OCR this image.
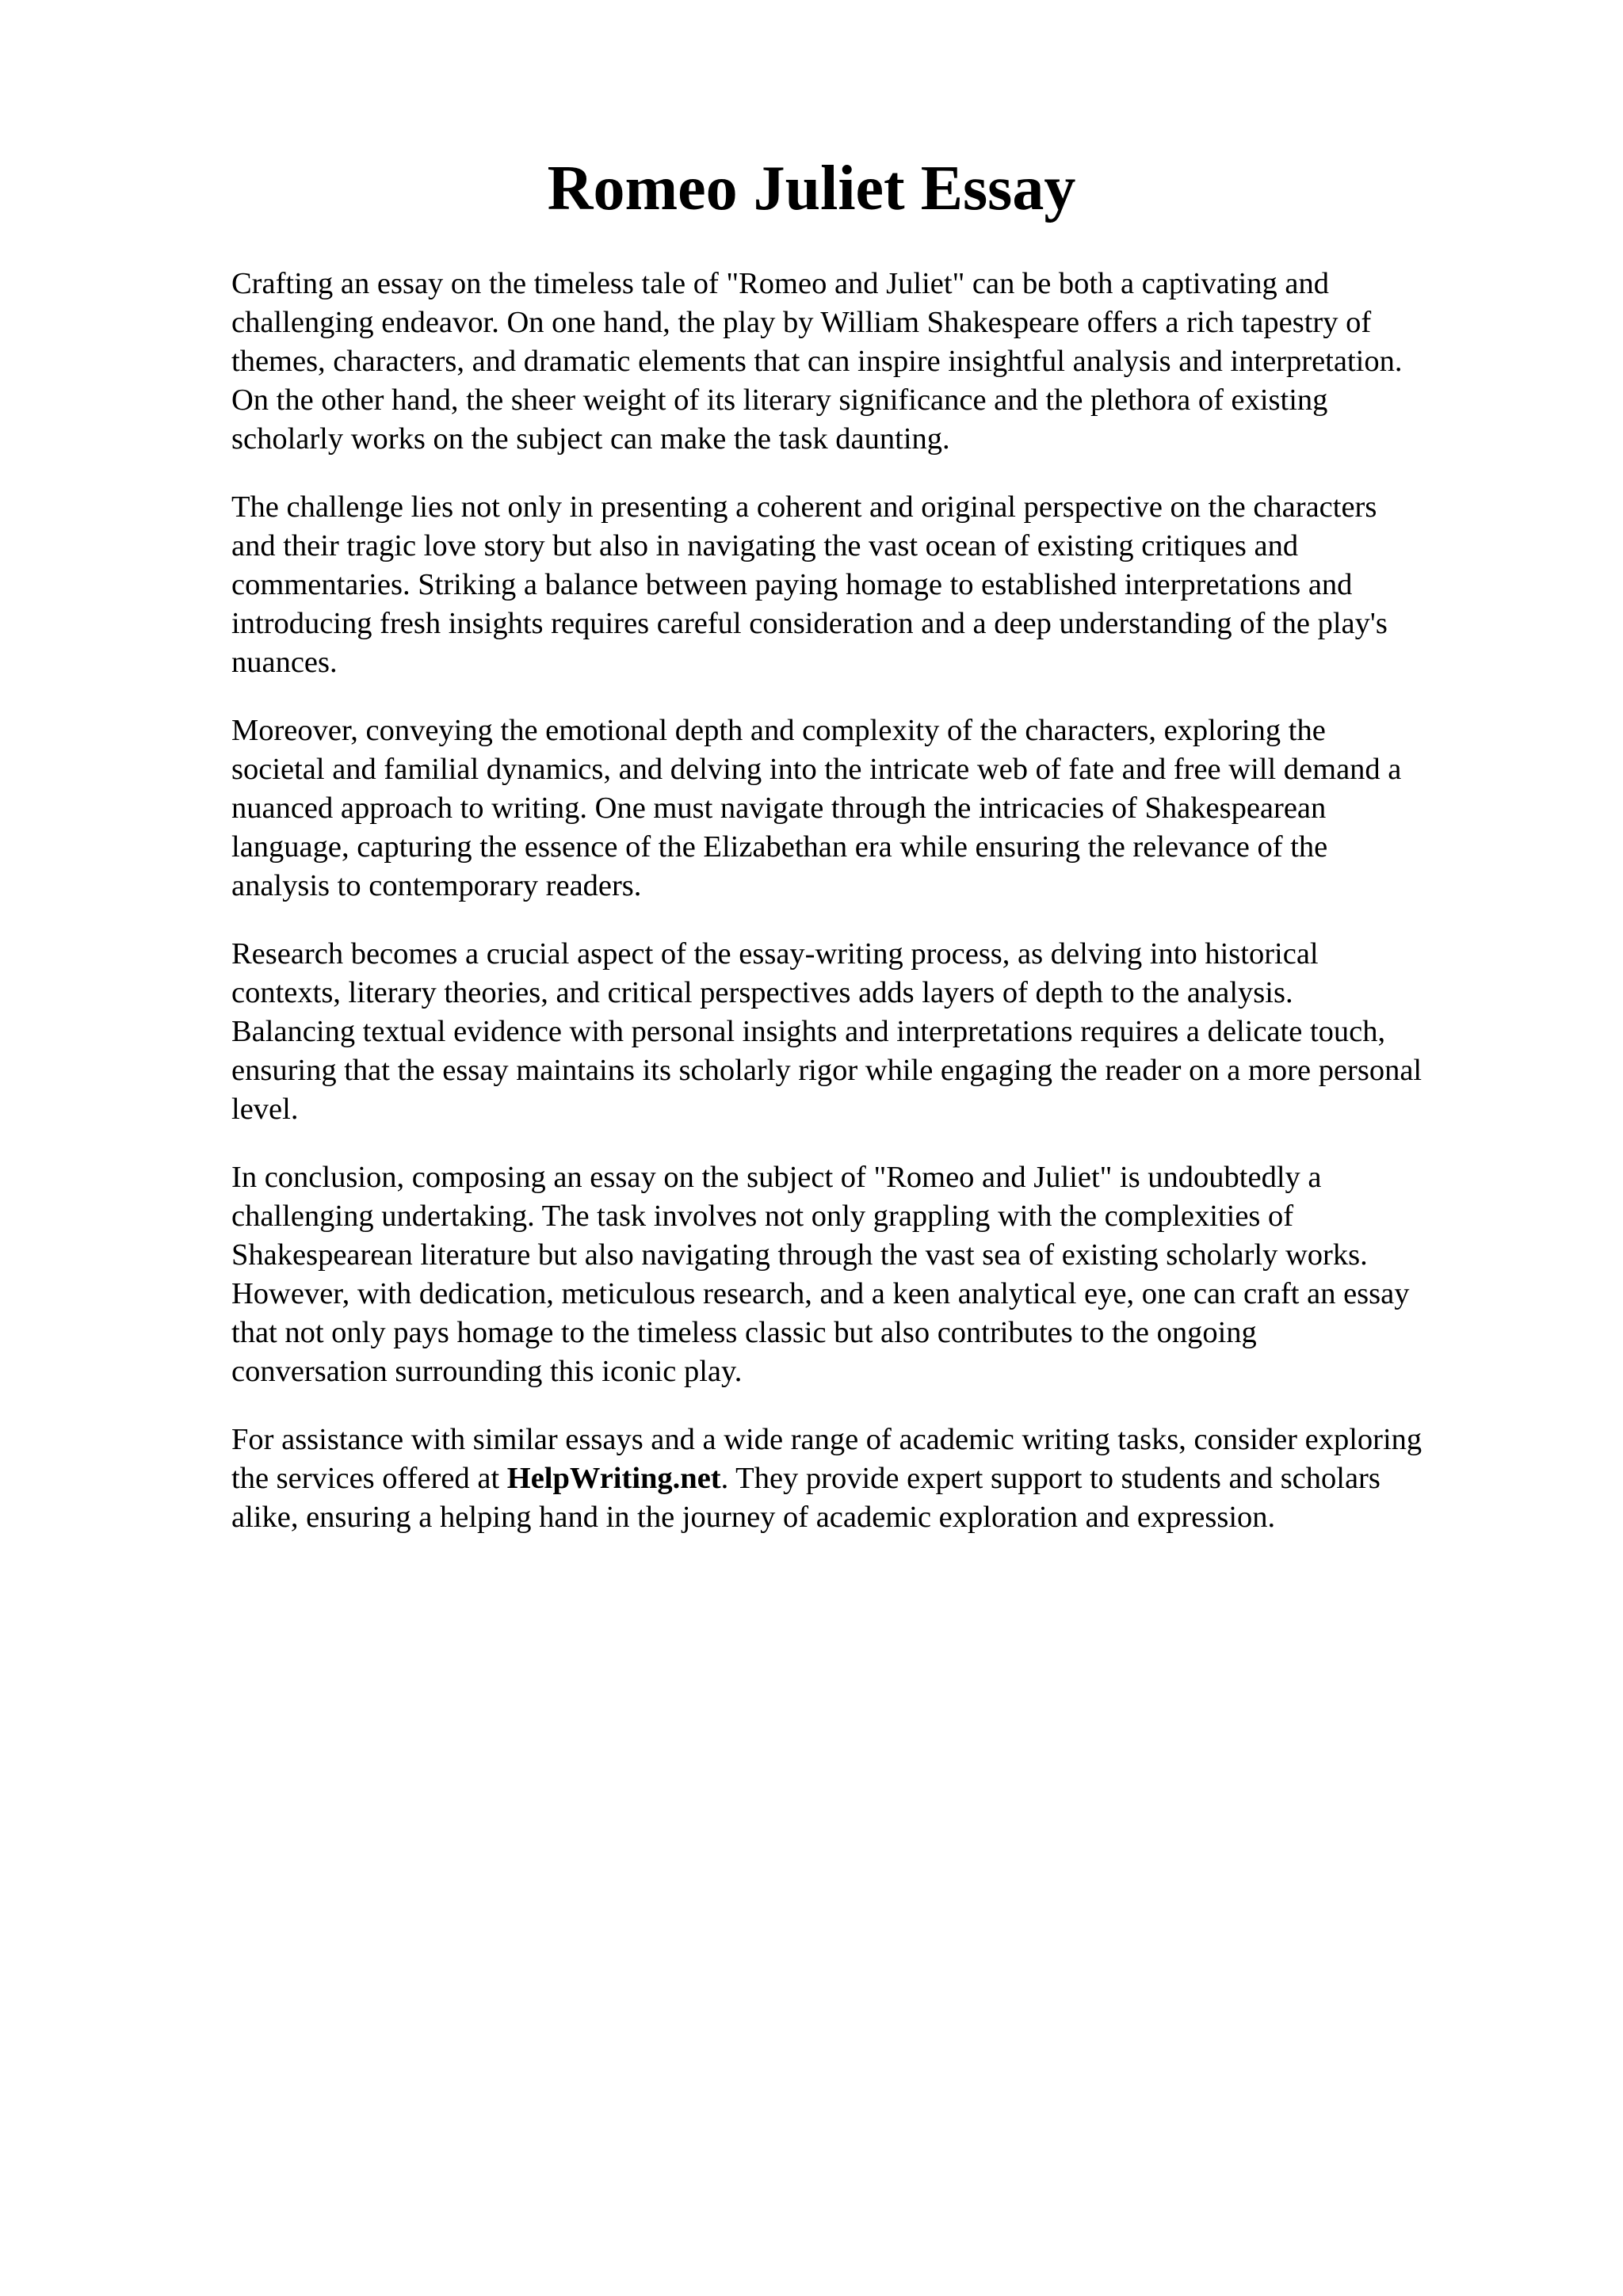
Romeo Juliet Essay

Crafting an essay on the timeless tale of "Romeo and Juliet" can be both a captivating and
challenging endeavor. On one hand, the play by William Shakespeare offers a rich tapestry of
themes, characters, and dramatic elements that can inspire insightful analysis and interpretation.
On the other hand, the sheer weight of its literary significance and the plethora of existing
scholarly works on the subject can make the task daunting.

The challenge lies not only in presenting a coherent and original perspective on the characters
and their tragic love story but also in navigating the vast ocean of existing critiques and
commentaries. Striking a balance between paying homage to established interpretations and
introducing fresh insights requires careful consideration and a deep understanding of the play's
nuances.

Moreover, conveying the emotional depth and complexity of the characters, exploring the
societal and familial dynamics, and delving into the intricate web of fate and free will demand a
nuanced approach to writing. One must navigate through the intricacies of Shakespearean
language, capturing the essence of the Elizabethan era while ensuring the relevance of the
analysis to contemporary readers.

Research becomes a crucial aspect of the essay-writing process, as delving into historical
contexts, literary theories, and critical perspectives adds layers of depth to the analysis.
Balancing textual evidence with personal insights and interpretations requires a delicate touch,
ensuring that the essay maintains its scholarly rigor while engaging the reader on a more personal
level.

In conclusion, composing an essay on the subject of "Romeo and Juliet" is undoubtedly a
challenging undertaking. The task involves not only grappling with the complexities of
Shakespearean literature but also navigating through the vast sea of existing scholarly works.
However, with dedication, meticulous research, and a keen analytical eye, one can craft an essay
that not only pays homage to the timeless classic but also contributes to the ongoing
conversation surrounding this iconic play.

For assistance with similar essays and a wide range of academic writing tasks, consider exploring
the services offered at HelpWriting.net. They provide expert support to students and scholars
alike, ensuring a helping hand in the journey of academic exploration and expression.
